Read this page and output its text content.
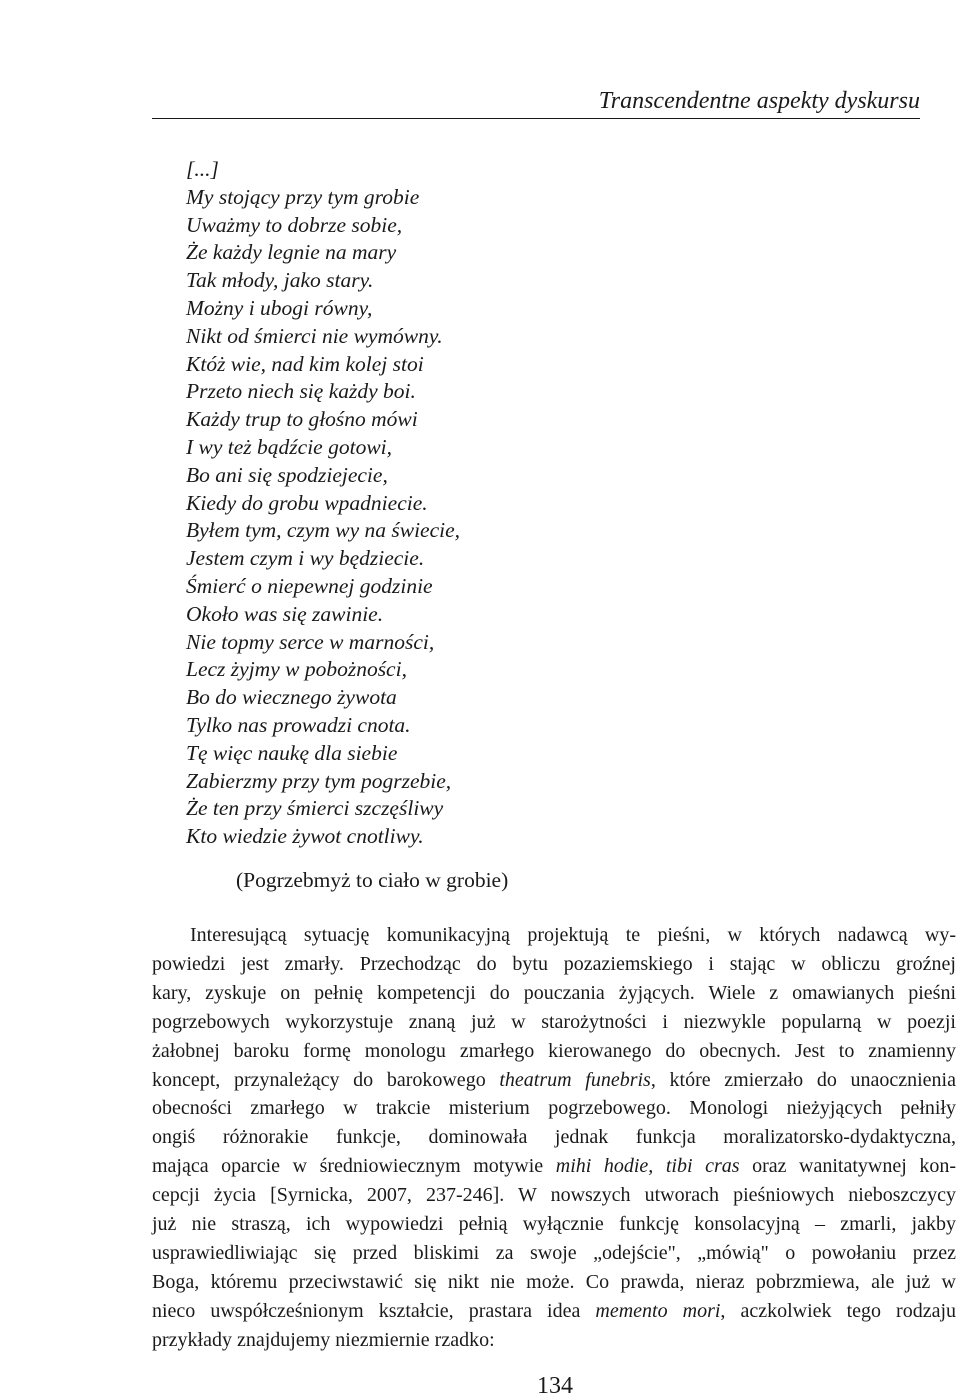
Transcendentne aspekty dyskursu
[...]
My stojący przy tym grobie
Uważmy to dobrze sobie,
Że każdy legnie na mary
Tak młody, jako stary.
Możny i ubogi równy,
Nikt od śmierci nie wymówny.
Któż wie, nad kim kolej stoi
Przeto niech się każdy boi.
Każdy trup to głośno mówi
I wy też bądźcie gotowi,
Bo ani się spodziejecie,
Kiedy do grobu wpadniecie.
Byłem tym, czym wy na świecie,
Jestem czym i wy będziecie.
Śmierć o niepewnej godzinie
Około was się zawinie.
Nie topmy serce w marności,
Lecz żyjmy w pobożności,
Bo do wiecznego żywota
Tylko nas prowadzi cnota.
Tę więc naukę dla siebie
Zabierzmy przy tym pogrzebie,
Że ten przy śmierci szczęśliwy
Kto wiedzie żywot cnotliwy.
(Pogrzebmyż to ciało w grobie)
Interesującą sytuację komunikacyjną projektują te pieśni, w których nadawcą wy-
powiedzi jest zmarły. Przechodząc do bytu pozaziemskiego i stając w obliczu groźnej
kary, zyskuje on pełnię kompetencji do pouczania żyjących. Wiele z omawianych pieśni
pogrzebowych wykorzystuje znaną już w starożytności i niezwykle popularną w poezji
żałobnej baroku formę monologu zmarłego kierowanego do obecnych. Jest to znamienny
koncept, przynależący do barokowego theatrum funebris, które zmierzało do unaocznienia
obecności zmarłego w trakcie misterium pogrzebowego. Monologi nieżyjących pełniły
ongiś różnorakie funkcje, dominowała jednak funkcja moralizatorsko-dydaktyczna,
mająca oparcie w średniowiecznym motywie mihi hodie, tibi cras oraz wanitatywnej kon-
cepcji życia [Syrnicka, 2007, 237-246]. W nowszych utworach pieśniowych nieboszczycy
już nie straszą, ich wypowiedzi pełnią wyłącznie funkcję konsolacyjną – zmarli, jakby
usprawiedliwiając się przed bliskimi za swoje „odejście", „mówią" o powołaniu przez
Boga, któremu przeciwstawić się nikt nie może. Co prawda, nieraz pobrzmiewa, ale już w
nieco uwspółcześnionym kształcie, prastara idea memento mori, aczkolwiek tego rodzaju
przykłady znajdujemy niezmiernie rzadko:
134
